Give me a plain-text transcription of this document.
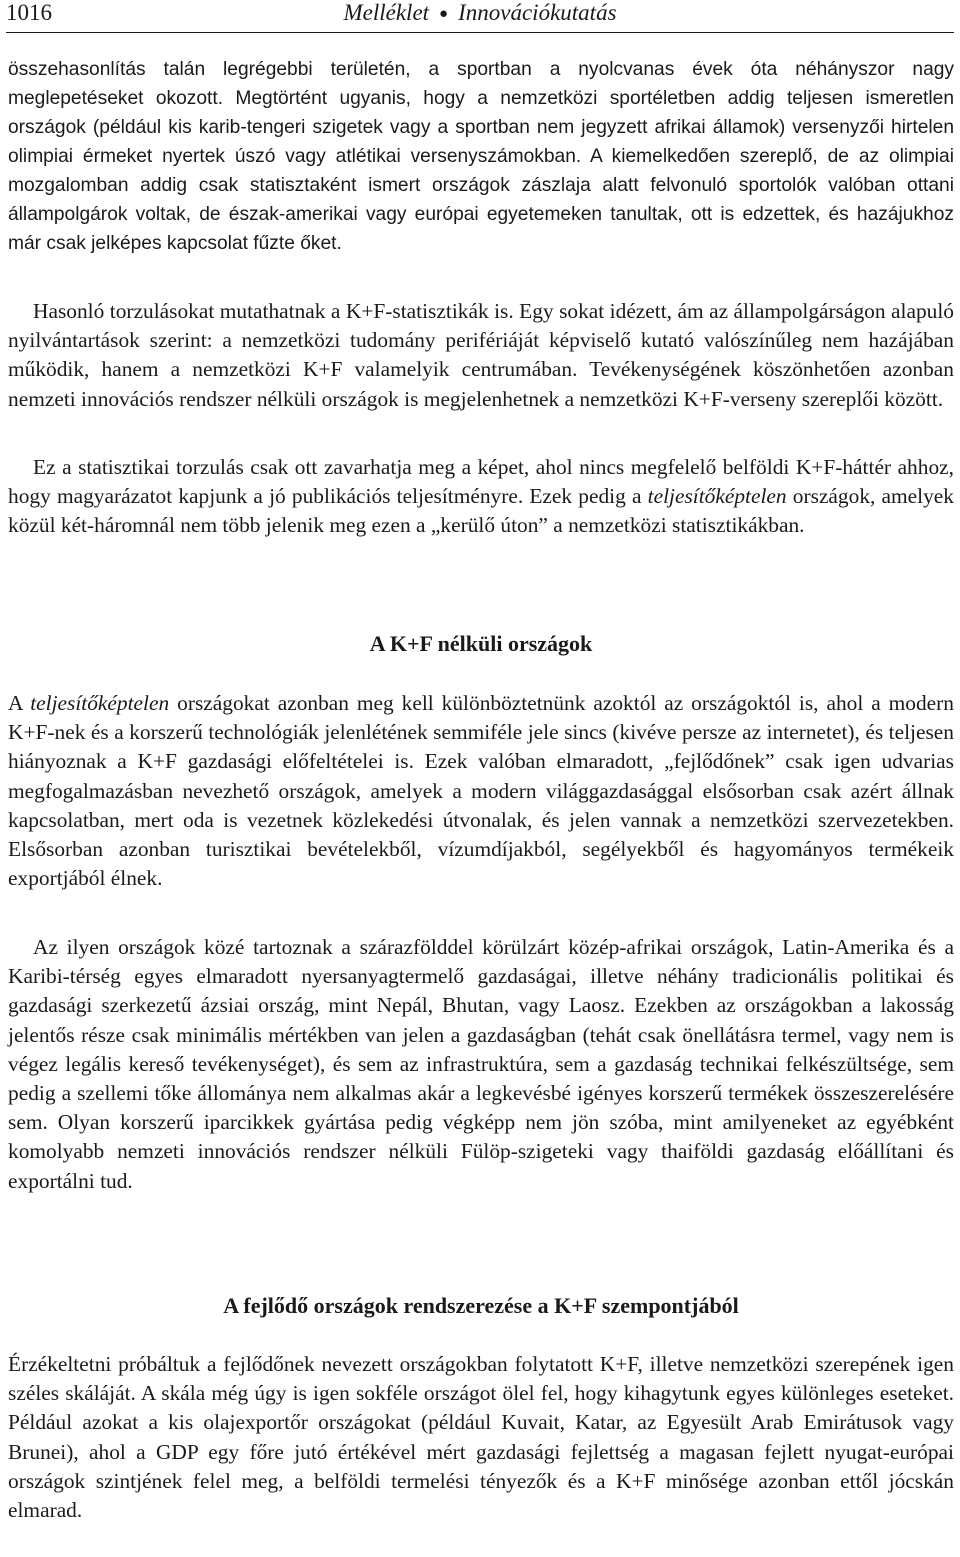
1016	Melléklet ● Innovációkutatás

összehasonlítás talán legrégebbi területén, a sportban a nyolcvanas évek óta néhányszor nagy meglepetéseket okozott. Megtörtént ugyanis, hogy a nemzetközi sportéletben addig teljesen ismeretlen országok (például kis karib-tengeri szigetek vagy a sportban nem jegyzett afrikai államok) versenyzői hirtelen olimpiai érmeket nyertek úszó vagy atlétikai versenyszámokban. A kiemelkedően szereplő, de az olimpiai mozgalomban addig csak statisztaként ismert országok zászlaja alatt felvonuló sportolók valóban ottani állampolgárok voltak, de észak-amerikai vagy európai egyetemeken tanultak, ott is edzettek, és hazájukhoz már csak jelképes kapcsolat fűzte őket.

Hasonló torzulásokat mutathatnak a K+F-statisztikák is. Egy sokat idézett, ám az állampolgárságon alapuló nyilvántartások szerint: a nemzetközi tudomány perifériáját képviselő kutató valószínűleg nem hazájában működik, hanem a nemzetközi K+F valamelyik centrumában. Tevékenységének köszönhetően azonban nemzeti innovációs rendszer nélküli országok is megjelenhetnek a nemzetközi K+F-verseny szereplői között.

Ez a statisztikai torzulás csak ott zavarhatja meg a képet, ahol nincs megfelelő belföldi K+F-háttér ahhoz, hogy magyarázatot kapjunk a jó publikációs teljesítményre. Ezek pedig a teljesítőképtelen országok, amelyek közül két-háromnál nem több jelenik meg ezen a „kerülő úton” a nemzetközi statisztikákban.

A K+F nélküli országok

A teljesítőképtelen országokat azonban meg kell különböztetnünk azoktól az országoktól is, ahol a modern K+F-nek és a korszerű technológiák jelenlétének semmiféle jele sincs (kivéve persze az internetet), és teljesen hiányoznak a K+F gazdasági előfeltételei is. Ezek valóban elmaradott, „fejlődőnek” csak igen udvarias megfogalmazásban nevezhető országok, amelyek a modern világgazdasággal elsősorban csak azért állnak kapcsolatban, mert oda is vezetnek közlekedési útvonalak, és jelen vannak a nemzetközi szervezetekben. Elsősorban azonban turisztikai bevételekből, vízumdíjakból, segélyekből és hagyományos termékeik exportjából élnek.

Az ilyen országok közé tartoznak a szárazfölddel körülzárt közép-afrikai országok, Latin-Amerika és a Karibi-térség egyes elmaradott nyersanyagtermelő gazdaságai, illetve néhány tradicionális politikai és gazdasági szerkezetű ázsiai ország, mint Nepál, Bhutan, vagy Laosz. Ezekben az országokban a lakosság jelentős része csak minimális mértékben van jelen a gazdaságban (tehát csak önellátásra termel, vagy nem is végez legális kereső tevékenységet), és sem az infrastruktúra, sem a gazdaság technikai felkészültsége, sem pedig a szellemi tőke állománya nem alkalmas akár a legkevésbé igényes korszerű termékek összeszerelésére sem. Olyan korszerű iparcikkek gyártása pedig végképp nem jön szóba, mint amilyeneket az egyébként komolyabb nemzeti innovációs rendszer nélküli Fülöp-szigeteki vagy thaiföldi gazdaság előállítani és exportálni tud.

A fejlődő országok rendszerezése a K+F szempontjából

Érzékeltetni próbáltuk a fejlődőnek nevezett országokban folytatott K+F, illetve nemzetközi szerepének igen széles skáláját. A skála még úgy is igen sokféle országot ölel fel, hogy kihagytunk egyes különleges eseteket. Például azokat a kis olajexportőr országokat (például Kuvait, Katar, az Egyesült Arab Emirátusok vagy Brunei), ahol a GDP egy főre jutó értékével mért gazdasági fejlettség a magasan fejlett nyugat-európai országok szintjének felel meg, a belföldi termelési tényezők és a K+F minősége azonban ettől jócskán elmarad.
